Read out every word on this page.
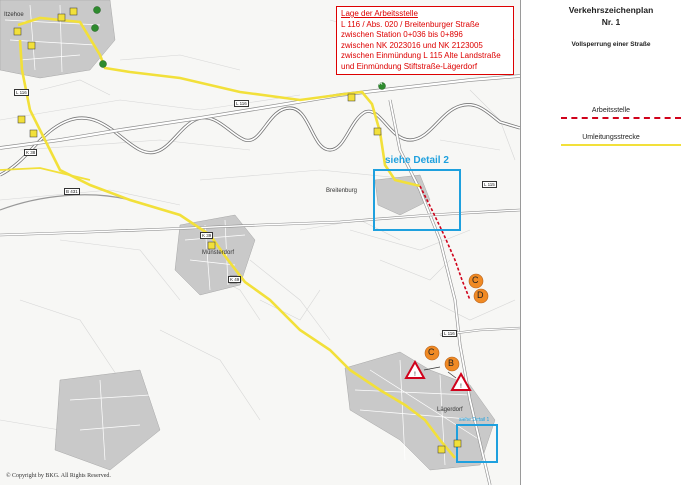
!
!
C
B
C
D
A
Itzehoe
Breitenburg
Münsterdorf
Lägerdorf
L 116
L 116
L 116
L 115
K 38
B 431
K 39
K 49
siehe Detail 2
siehe Detail 1
Lage der Arbeitsstelle
L 116 / Abs. 020 / Breitenburger Straße
zwischen Station 0+036 bis 0+896
zwischen NK 2023016 und NK 2123005
zwischen Einmündung L 115 Alte Landstraße
und Einmündung Stiftstraße-Lägerdorf
© Copyright by BKG. All Rights Reserved.
Verkehrszeichenplan
Nr. 1
Vollsperrung einer Straße
Arbeitsstelle
Umleitungsstrecke
